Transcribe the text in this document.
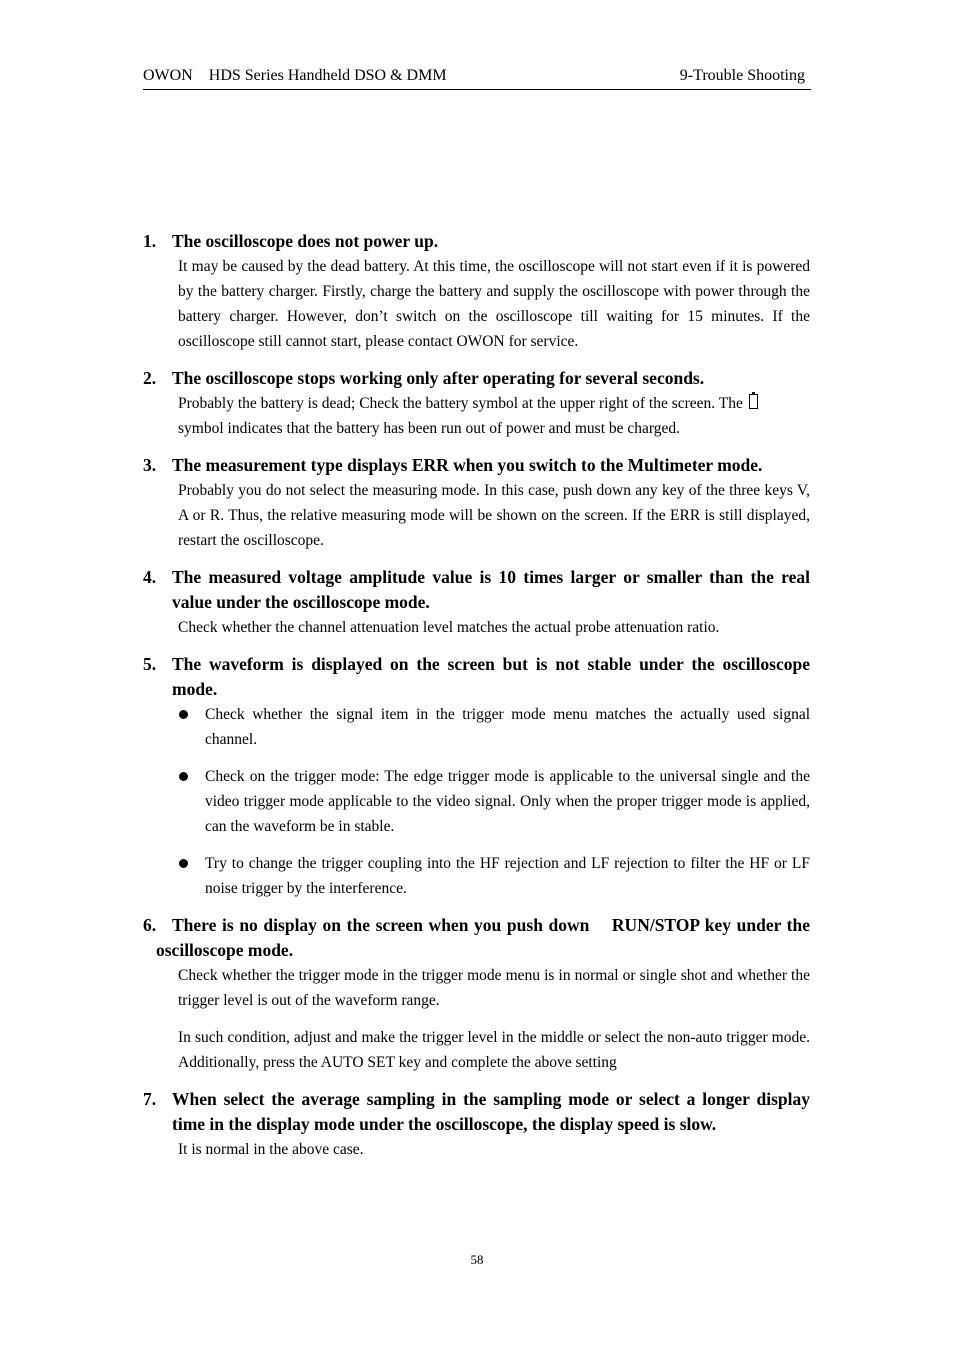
OWON    HDS Series Handheld DSO & DMM	9-Trouble Shooting
1. The oscilloscope does not power up.
It may be caused by the dead battery. At this time, the oscilloscope will not start even if it is powered by the battery charger. Firstly, charge the battery and supply the oscilloscope with power through the battery charger. However, don’t switch on the oscilloscope till waiting for 15 minutes. If the oscilloscope still cannot start, please contact OWON for service.
2. The oscilloscope stops working only after operating for several seconds.
Probably the battery is dead; Check the battery symbol at the upper right of the screen. The
symbol indicates that the battery has been run out of power and must be charged.
3. The measurement type displays ERR when you switch to the Multimeter mode.
Probably you do not select the measuring mode. In this case, push down any key of the three keys V, A or R. Thus, the relative measuring mode will be shown on the screen. If the ERR is still displayed, restart the oscilloscope.
4. The measured voltage amplitude value is 10 times larger or smaller than the real value under the oscilloscope mode.
Check whether the channel attenuation level matches the actual probe attenuation ratio.
5. The waveform is displayed on the screen but is not stable under the oscilloscope mode.
Check whether the signal item in the trigger mode menu matches the actually used signal channel.
Check on the trigger mode: The edge trigger mode is applicable to the universal single and the video trigger mode applicable to the video signal. Only when the proper trigger mode is applied, can the waveform be in stable.
Try to change the trigger coupling into the HF rejection and LF rejection to filter the HF or LF noise trigger by the interference.
6. There is no display on the screen when you push down    RUN/STOP key under the oscilloscope mode.
Check whether the trigger mode in the trigger mode menu is in normal or single shot and whether the trigger level is out of the waveform range.
In such condition, adjust and make the trigger level in the middle or select the non-auto trigger mode. Additionally, press the AUTO SET key and complete the above setting
7. When select the average sampling in the sampling mode or select a longer display time in the display mode under the oscilloscope, the display speed is slow.
It is normal in the above case.
58
